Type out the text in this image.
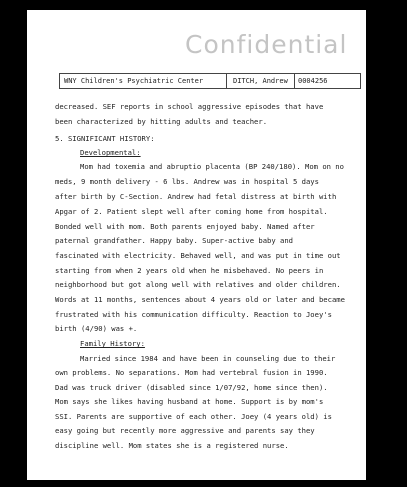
Confidential
WNY Children's Psychiatric Center	DITCH, Andrew 0004256
decreased. SEF reports in school aggressive episodes that have
been characterized by hitting adults and teacher.
5. SIGNIFICANT HISTORY:
Developmental:
Mom had toxemia and abruptio placenta (BP 240/180). Mom on no
meds, 9 month delivery - 6 lbs. Andrew was in hospital 5 days
after birth by C-Section. Andrew had fetal distress at birth with
Apgar of 2. Patient slept well after coming home from hospital.
Bonded well with mom. Both parents enjoyed baby. Named after
paternal grandfather. Happy baby. Super-active baby and
fascinated with electricity. Behaved well, and was put in time out
starting from when 2 years old when he misbehaved. No peers in
neighborhood but got along well with relatives and older children.
Words at 11 months, sentences about 4 years old or later and became
frustrated with his communication difficulty. Reaction to Joey's
birth (4/90) was +.
Family History:
Married since 1984 and have been in counseling due to their
own problems. No separations. Mom had vertebral fusion in 1990.
Dad was truck driver (disabled since 1/07/92, home since then).
Mom says she likes having husband at home. Support is by mom's
SSI. Parents are supportive of each other. Joey (4 years old) is
easy going but recently more aggressive and parents say they
discipline well. Mom states she is a registered nurse.
